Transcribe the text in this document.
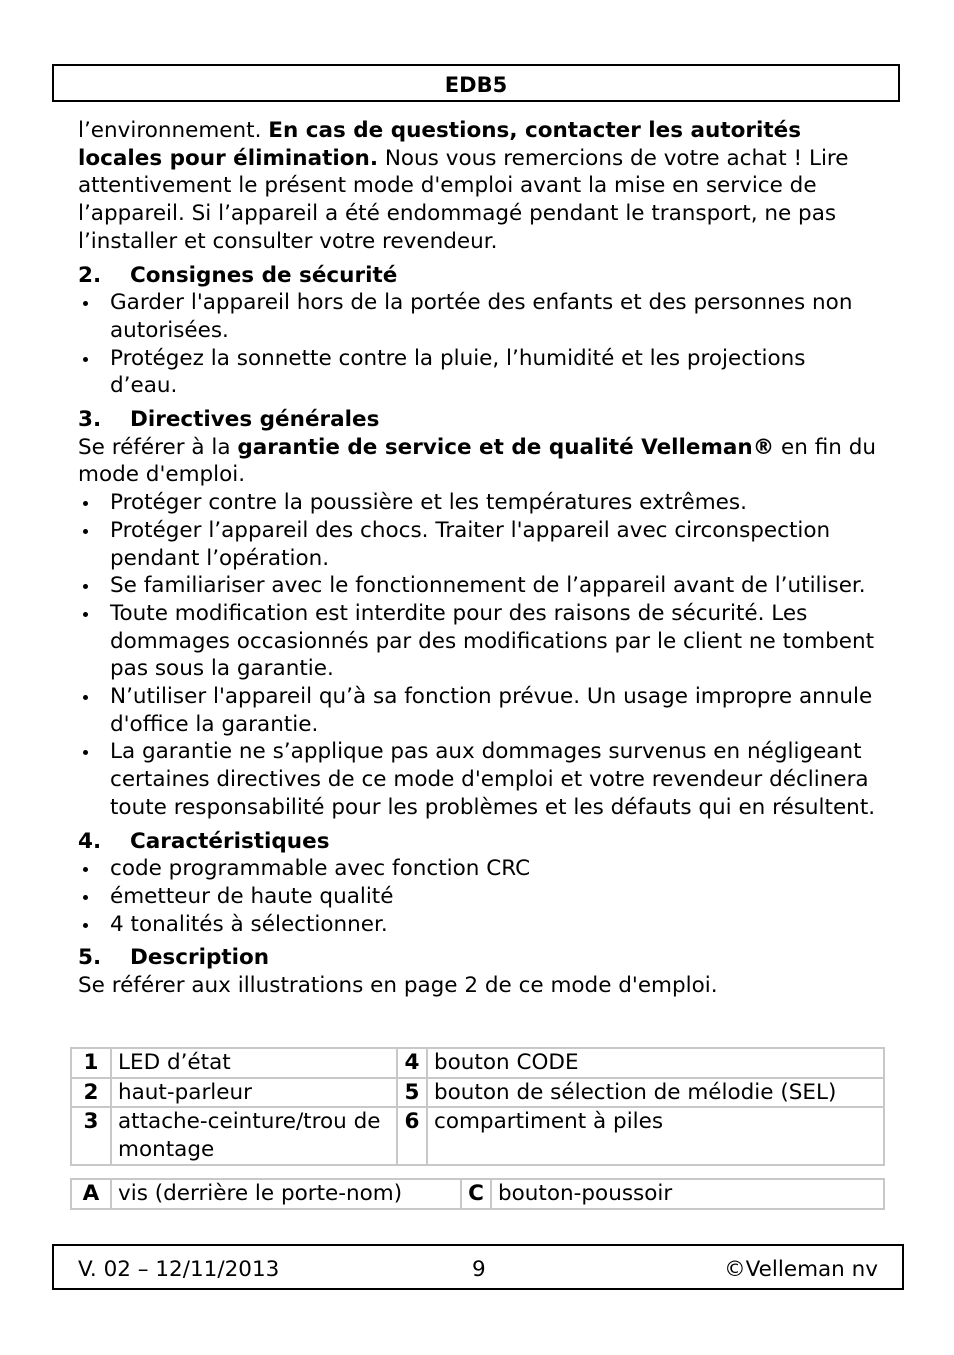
EDB5

l’environnement. En cas de questions, contacter les autorités locales pour élimination. Nous vous remercions de votre achat ! Lire attentivement le présent mode d'emploi avant la mise en service de l’appareil. Si l’appareil a été endommagé pendant le transport, ne pas l’installer et consulter votre revendeur.

2.	Consignes de sécurité
Garder l'appareil hors de la portée des enfants et des personnes non autorisées.
Protégez la sonnette contre la pluie, l’humidité et les projections d’eau.
3.	Directives générales

Se référer à la garantie de service et de qualité Velleman® en fin du mode d'emploi.

Protéger contre la poussière et les températures extrêmes.
Protéger l’appareil des chocs. Traiter l'appareil avec circonspection pendant l’opération.
Se familiariser avec le fonctionnement de l’appareil avant de l’utiliser.
Toute modification est interdite pour des raisons de sécurité. Les dommages occasionnés par des modifications par le client ne tombent pas sous la garantie.
N’utiliser l'appareil qu’à sa fonction prévue. Un usage impropre annule d'office la garantie.
La garantie ne s’applique pas aux dommages survenus en négligeant certaines directives de ce mode d'emploi et votre revendeur déclinera toute responsabilité pour les problèmes et les défauts qui en résultent.
4.	Caractéristiques
code programmable avec fonction CRC
émetteur de haute qualité
4 tonalités à sélectionner.
5.	Description

Se référer aux illustrations en page 2 de ce mode d'emploi.

1	LED d’état	4	bouton CODE
2	haut-parleur	5	bouton de sélection de mélodie (SEL)
3	attache-ceinture/trou de montage	6	compartiment à piles
A	vis (derrière le porte-nom)	C	bouton-poussoir
V. 02 – 12/11/2013	9	©Velleman nv
